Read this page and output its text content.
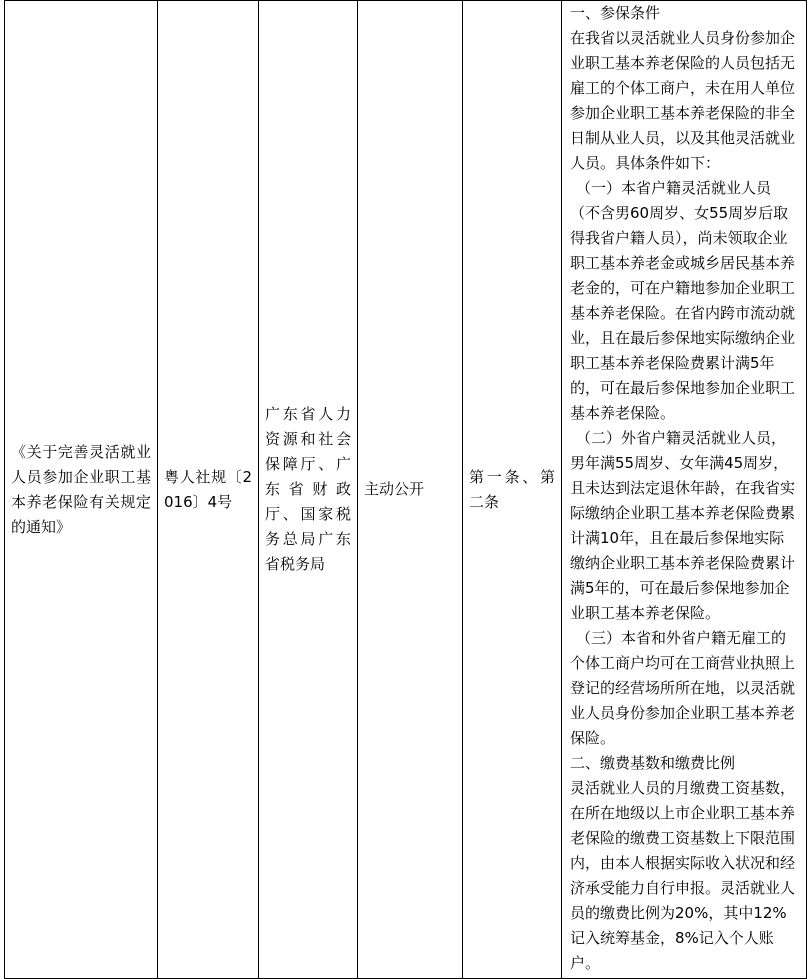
《关于完善灵活就业人员参加企业职工基本养老保险有关规定的通知》	粤人社规〔2016〕4号	广东省人力资源和社会保障厅、广东省财政厅、国家税务总局广东省税务局	主动公开	第一条、第二条	
一、参保条件
在我省以灵活就业人员身份参加企业职工基本养老保险的人员包括无雇工的个体工商户，未在用人单位参加企业职工基本养老保险的非全日制从业人员，以及其他灵活就业人员。具体条件如下：
（一）本省户籍灵活就业人员（不含男60周岁、女55周岁后取得我省户籍人员），尚未领取企业职工基本养老金或城乡居民基本养老金的，可在户籍地参加企业职工基本养老保险。在省内跨市流动就业，且在最后参保地实际缴纳企业职工基本养老保险费累计满5年的，可在最后参保地参加企业职工基本养老保险。
（二）外省户籍灵活就业人员，男年满55周岁、女年满45周岁，且未达到法定退休年龄，在我省实际缴纳企业职工基本养老保险费累计满10年，且在最后参保地实际缴纳企业职工基本养老保险费累计满5年的，可在最后参保地参加企业职工基本养老保险。
（三）本省和外省户籍无雇工的个体工商户均可在工商营业执照上登记的经营场所所在地，以灵活就业人员身份参加企业职工基本养老保险。
二、缴费基数和缴费比例
灵活就业人员的月缴费工资基数，在所在地级以上市企业职工基本养老保险的缴费工资基数上下限范围内，由本人根据实际收入状况和经济承受能力自行申报。灵活就业人员的缴费比例为20%，其中12%记入统筹基金，8%记入个人账户。
